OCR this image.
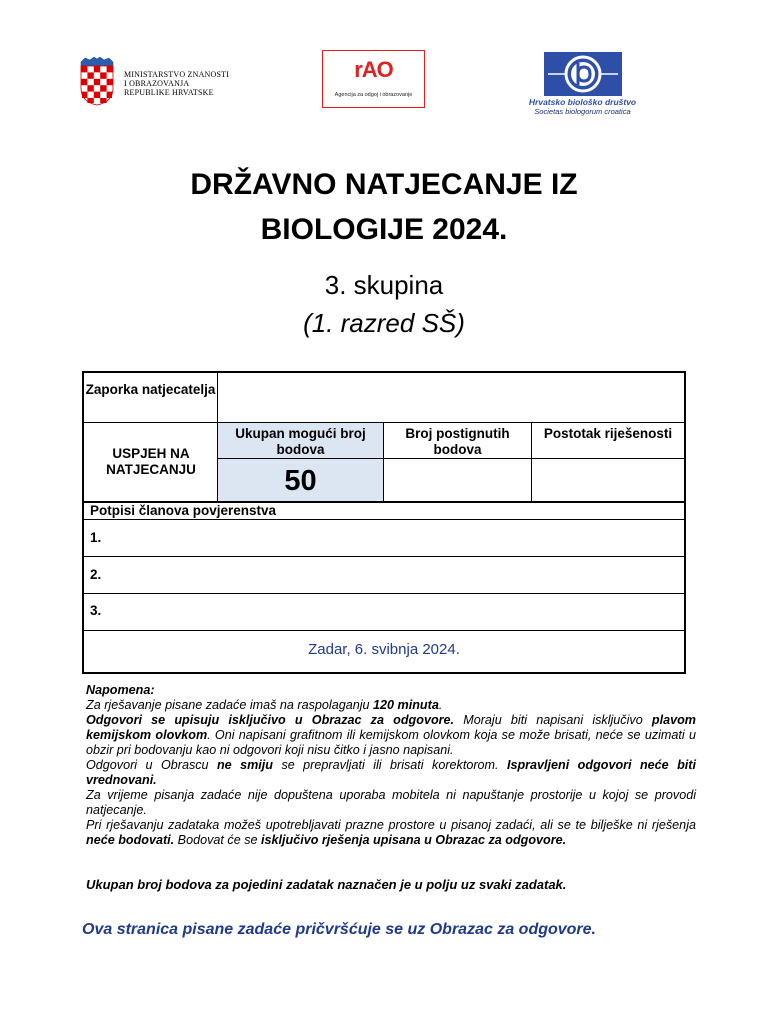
MINISTARSTVO ZNANOSTI
I OBRAZOVANJA
REPUBLIKE HRVATSKE
rAO
Agencija za odgoj i obrazovanje
Hrvatsko biološko društvo
Societas biologorum croatica
DRŽAVNO NATJECANJE IZ
BIOLOGIJE 2024.
3. skupina
(1. razred SŠ)
Zaporka natjecatelja
USPJEH NA NATJECANJU
Ukupan mogući broj bodova
Broj postignutih bodova
Postotak riješenosti
50
Potpisi članova povjerenstva
1.
2.
3.
Zadar, 6. svibnja 2024.

Napomena:

Za rješavanje pisane zadaće imaš na raspolaganju 120 minuta.

Odgovori se upisuju isključivo u Obrazac za odgovore. Moraju biti napisani isključivo plavom kemijskom olovkom. Oni napisani grafitnom ili kemijskom olovkom koja se može brisati, neće se uzimati u obzir pri bodovanju kao ni odgovori koji nisu čitko i jasno napisani.

Odgovori u Obrascu ne smiju se prepravljati ili brisati korektorom. Ispravljeni odgovori neće biti vrednovani.

Za vrijeme pisanja zadaće nije dopuštena uporaba mobitela ni napuštanje prostorije u kojoj se provodi natjecanje.

Pri rješavanju zadataka možeš upotrebljavati prazne prostore u pisanoj zadaći, ali se te bilješke ni rješenja neće bodovati. Bodovat će se isključivo rješenja upisana u Obrazac za odgovore.

Ukupan broj bodova za pojedini zadatak naznačen je u polju uz svaki zadatak.
Ova stranica pisane zadaće pričvršćuje se uz Obrazac za odgovore.
